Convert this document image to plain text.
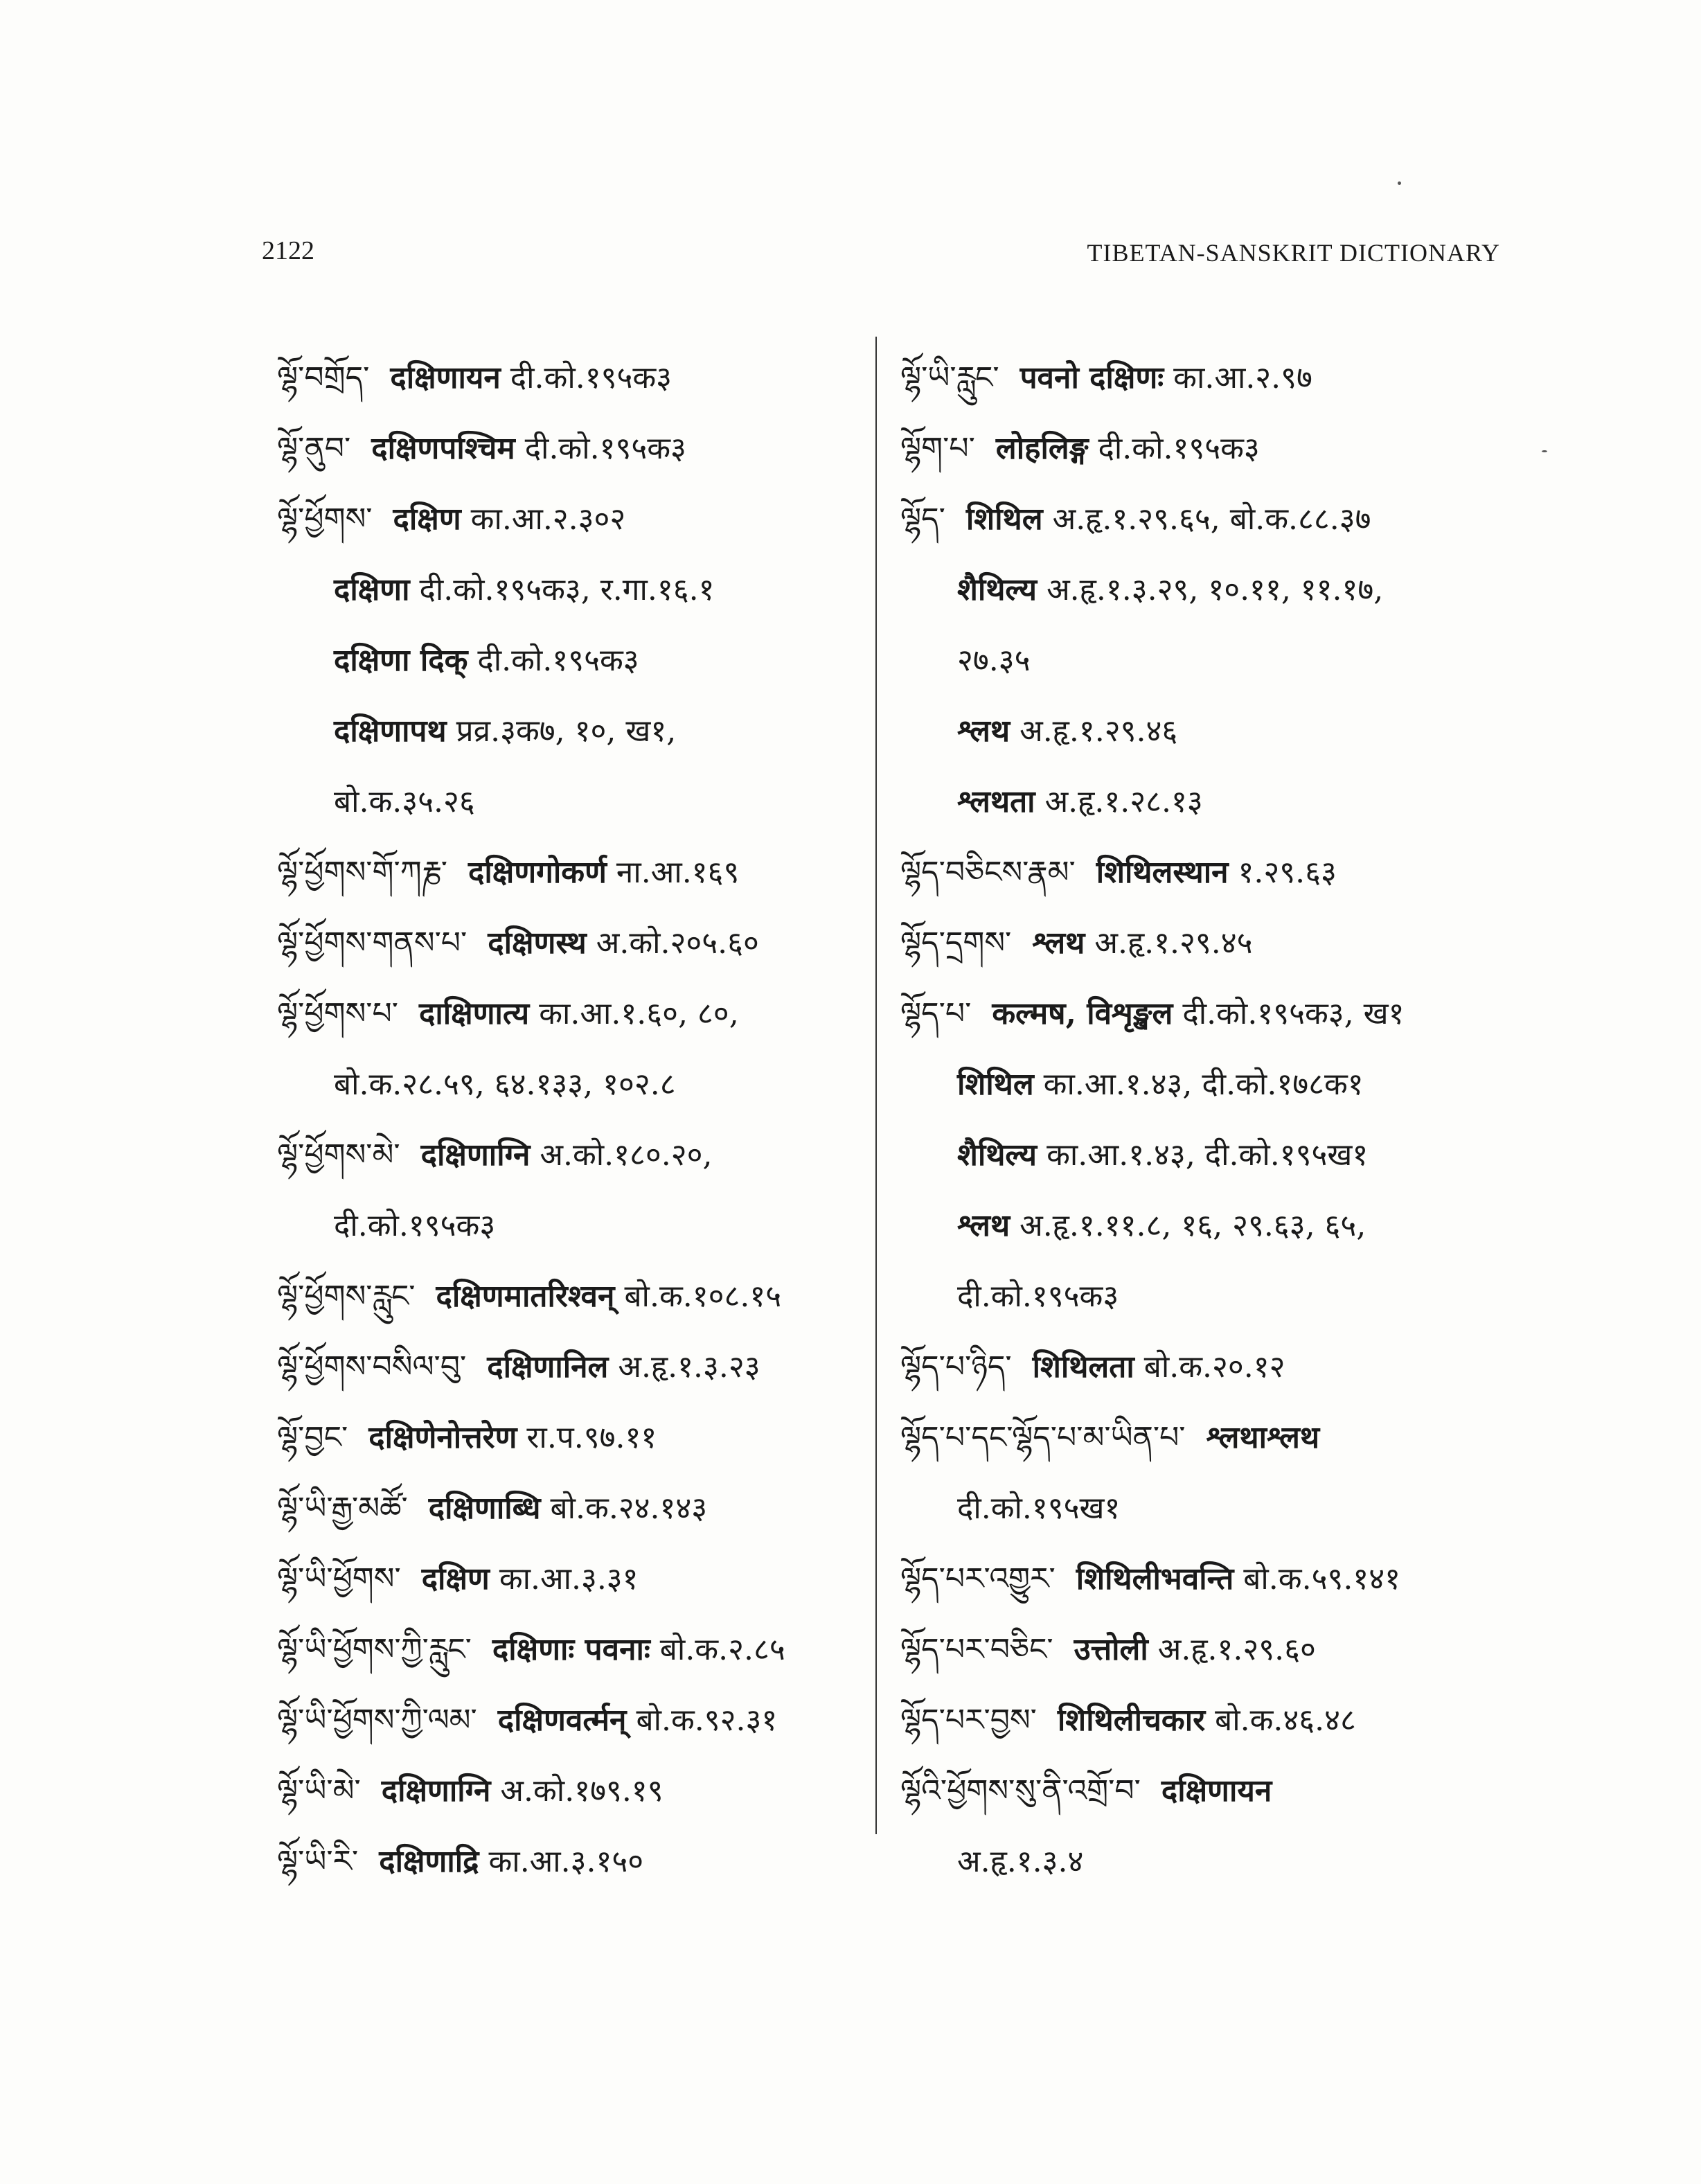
2122	TIBETAN-SANSKRIT DICTIONARY
ལྷོ་བགྲོད་ दक्षिणायन दी.को.१९५क३
ལྷོ་ནུབ་ दक्षिणपश्चिम दी.को.१९५क३
ལྷོ་ཕྱོགས་ दक्षिण का.आ.२.३०२
दक्षिणा दी.को.१९५क३, र.गा.१६.१
दक्षिणा दिक् दी.को.१९५क३
दक्षिणापथ प्रव्र.३क७, १०, ख१,
बो.क.३५.२६
ལྷོ་ཕྱོགས་གོ་ཀརྞ་ दक्षिणगोकर्ण ना.आ.१६९
ལྷོ་ཕྱོགས་གནས་པ་ दक्षिणस्थ अ.को.२०५.६०
ལྷོ་ཕྱོགས་པ་ दाक्षिणात्य का.आ.१.६०, ८०,
बो.क.२८.५९, ६४.१३३, १०२.८
ལྷོ་ཕྱོགས་མེ་ दक्षिणाग्नि अ.को.१८०.२०,
दी.को.१९५क३
ལྷོ་ཕྱོགས་རླུང་ दक्षिणमातरिश्वन् बो.क.१०८.१५
ལྷོ་ཕྱོགས་བསིལ་བུ་ दक्षिणानिल अ.हृ.१.३.२३
ལྷོ་བྱང་ दक्षिणेनोत्तरेण रा.प.९७.११
ལྷོ་ཡི་རྒྱ་མཚོ་ दक्षिणाब्धि बो.क.२४.१४३
ལྷོ་ཡི་ཕྱོགས་ दक्षिण का.आ.३.३१
ལྷོ་ཡི་ཕྱོགས་ཀྱི་རླུང་ दक्षिणाः पवनाः बो.क.२.८५
ལྷོ་ཡི་ཕྱོགས་ཀྱི་ལམ་ दक्षिणवर्त्मन् बो.क.९२.३१
ལྷོ་ཡི་མེ་ दक्षिणाग्नि अ.को.१७९.१९
ལྷོ་ཡི་རི་ दक्षिणाद्रि का.आ.३.१५०
ལྷོ་ཡི་རླུང་ पवनो दक्षिणः का.आ.२.९७
ལྷོག་པ་ लोहलिङ्ग दी.को.१९५क३
ལྷོད་ शिथिल अ.हृ.१.२९.६५, बो.क.८८.३७
शैथिल्य अ.हृ.१.३.२९, १०.११, ११.१७,
२७.३५
श्लथ अ.हृ.१.२९.४६
श्लथता अ.हृ.१.२८.१३
ལྷོད་བཅིངས་རྣམ་ शिथिलस्थान १.२९.६३
ལྷོད་དྲགས་ श्लथ अ.हृ.१.२९.४५
ལྷོད་པ་ कल्मष, विशृङ्खल दी.को.१९५क३, ख१
शिथिल का.आ.१.४३, दी.को.१७८क१
शैथिल्य का.आ.१.४३, दी.को.१९५ख१
श्लथ अ.हृ.१.११.८, १६, २९.६३, ६५,
दी.को.१९५क३
ལྷོད་པ་ཉིད་ शिथिलता बो.क.२०.१२
ལྷོད་པ་དང་ལྷོད་པ་མ་ཡིན་པ་ श्लथाश्लथ
दी.को.१९५ख१
ལྷོད་པར་འགྱུར་ शिथिलीभवन्ति बो.क.५९.१४१
ལྷོད་པར་བཅིང་ उत्तोली अ.हृ.१.२९.६०
ལྷོད་པར་བྱས་ शिथिलीचकार बो.क.४६.४८
ལྷོའི་ཕྱོགས་སུ་ནི་འགྲོ་བ་ दक्षिणायन
अ.हृ.१.३.४
